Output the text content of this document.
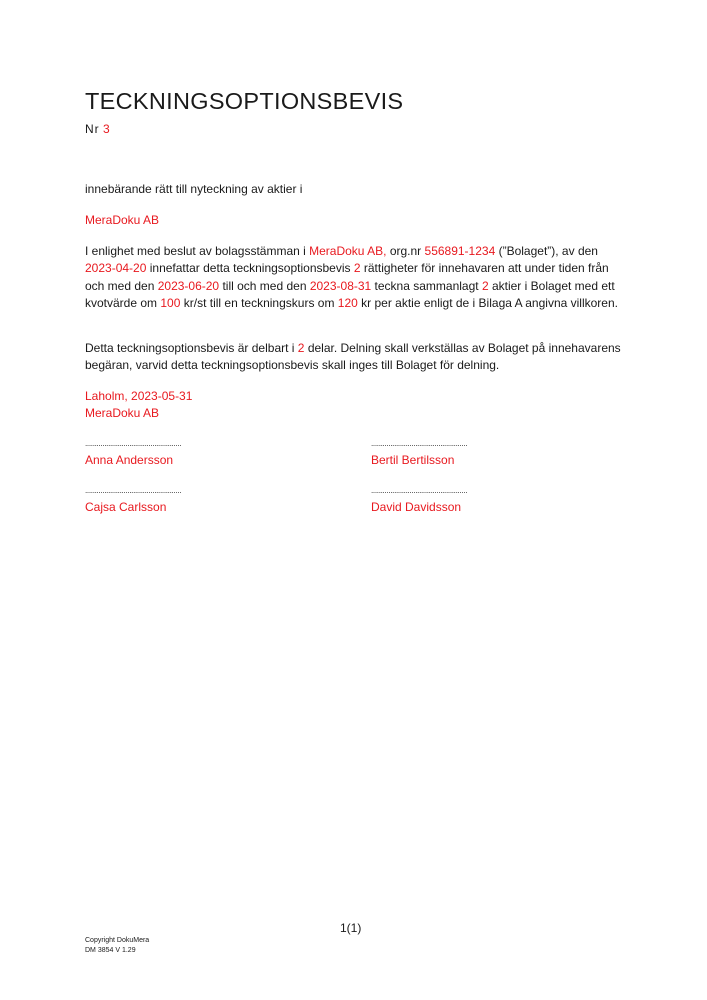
TECKNINGSOPTIONSBEVIS
Nr 3

innebärande rätt till nyteckning av aktier i

MeraDoku AB

I enlighet med beslut av bolagsstämman i MeraDoku AB, org.nr 556891-1234 (”Bolaget”), av den 2023-04-20 innefattar detta teckningsoptionsbevis 2 rättigheter för innehavaren att under tiden från och med den 2023-06-20 till och med den 2023-08-31 teckna sammanlagt 2 aktier i Bolaget med ett kvotvärde om 100 kr/st till en teckningskurs om 120 kr per aktie enligt de i Bilaga A angivna villkoren.

Detta teckningsoptionsbevis är delbart i 2 delar. Delning skall verkställas av Bolaget på innehavarens begäran, varvid detta teckningsoptionsbevis skall inges till Bolaget för delning.

Laholm, 2023-05-31

MeraDoku AB

..................................................
Anna Andersson
..................................................
Bertil Bertilsson
..................................................
Cajsa Carlsson
..................................................
David Davidsson
1(1)
Copyright DokuMera
DM 3854 V 1.29
